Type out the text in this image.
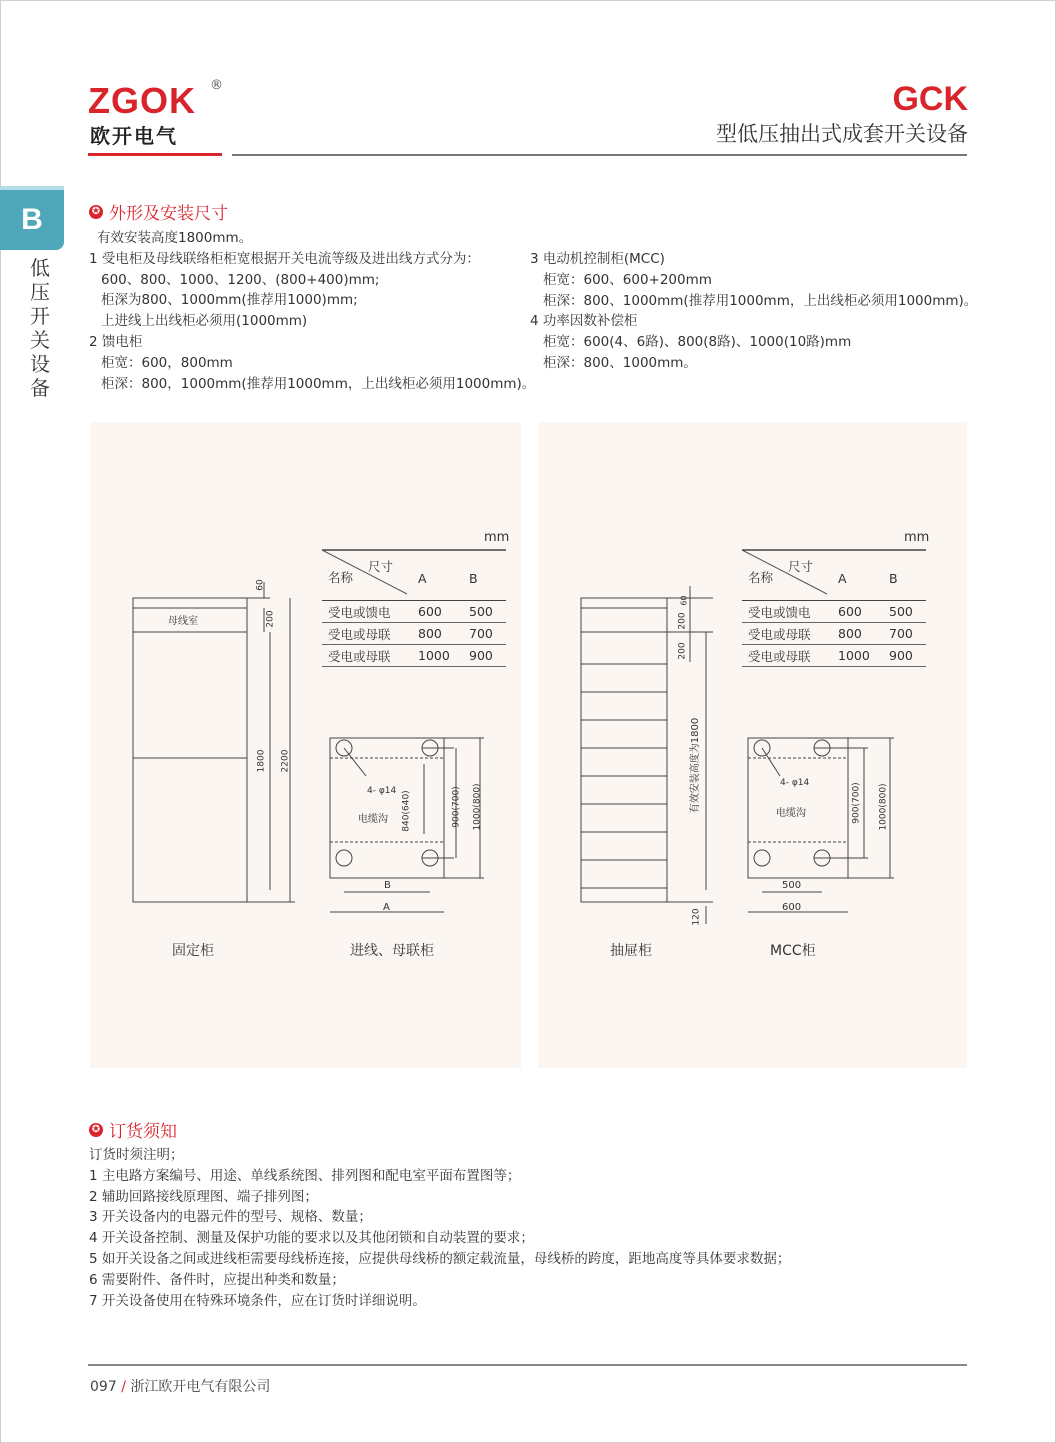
ZGOK ®
欧开电气
GCK
型低压抽出式成套开关设备
B
低压开关设备
✪ 外形及安装尺寸
有效安装高度1800mm。
1 受电柜及母线联络柜柜宽根据开关电流等级及进出线方式分为：
600、800、1000、1200、(800+400)mm;
柜深为800、1000mm(推荐用1000)mm;
上进线上出线柜必须用(1000mm)
2 馈电柜
柜宽：600，800mm
柜深：800，1000mm(推荐用1000mm，上出线柜必须用1000mm)。
3 电动机控制柜(MCC)
柜宽：600、600+200mm
柜深：800、1000mm(推荐用1000mm，上出线柜必须用1000mm)。
4 功率因数补偿柜
柜宽：600(4、6路)、800(8路)、1000(10路)mm
柜深：800、1000mm。
mm
尺寸
名称	A	B
受电或馈电	600	500
受电或母联	800	700
受电或母联	1000	900
母线室
60
200
1800 2200
4- φ14
电缆沟 840(640)	900(700) 1000(800)
B
A
固定柜	进线、母联柜
mm
尺寸
名称	A	B
受电或馈电	600	500
受电或母联	800	700
受电或母联	1000	900
60
200
200
有效安装高度为1800
120
4- φ14
电缆沟	900(700) 1000(800)
500
600
抽屉柜	MCC柜
✪ 订货须知
订货时须注明；
1 主电路方案编号、用途、单线系统图、排列图和配电室平面布置图等；
2 辅助回路接线原理图、端子排列图；
3 开关设备内的电器元件的型号、规格、数量；
4 开关设备控制、测量及保护功能的要求以及其他闭锁和自动装置的要求；
5 如开关设备之间或进线柜需要母线桥连接，应提供母线桥的额定载流量，母线桥的跨度，距地高度等具体要求数据；
6 需要附件、备件时，应提出种类和数量；
7 开关设备使用在特殊环境条件，应在订货时详细说明。
097 / 浙江欧开电气有限公司
